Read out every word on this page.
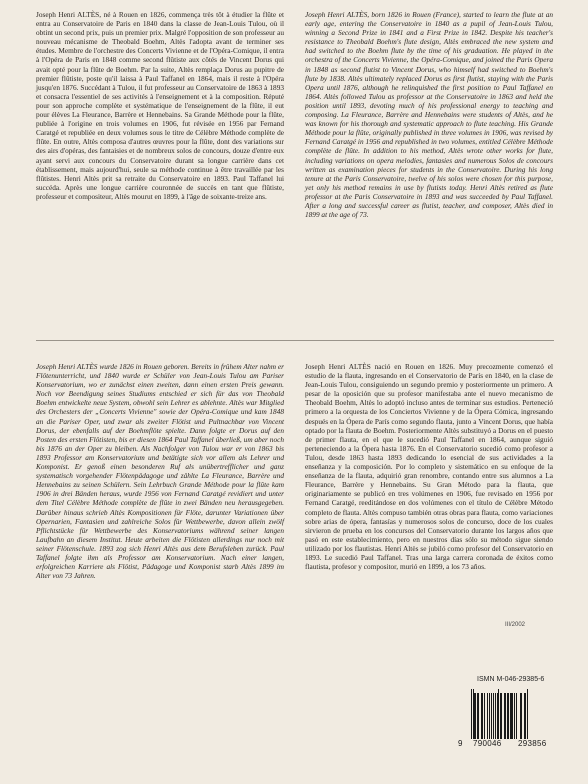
Joseph Henri ALTÈS, né à Rouen en 1826, commença très tôt à étudier la flûte et entra au Conservatoire de Paris en 1840 dans la classe de Jean-Louis Tulou, où il obtint un second prix, puis un premier prix. Malgré l'opposition de son professeur au nouveau mécanisme de Theobald Boehm, Altès l'adopta avant de terminer ses études. Membre de l'orchestre des Concerts Vivienne et de l'Opéra-Comique, il entra à l'Opéra de Paris en 1848 comme second flûtiste aux côtés de Vincent Dorus qui avait opté pour la flûte de Boehm. Par la suite, Altès remplaça Dorus au pupitre de premier flûtiste, poste qu'il laissa à Paul Taffanel en 1864, mais il reste à l'Opéra jusqu'en 1876. Succédant à Tulou, il fut professeur au Conservatoire de 1863 à 1893 et consacra l'essentiel de ses activités à l'enseignement et à la composition. Réputé pour son approche complète et systématique de l'enseignement de la flûte, il eut pour élèves La Fleurance, Barrère et Hennebains. Sa Grande Méthode pour la flûte, publiée à l'origine en trois volumes en 1906, fut révisée en 1956 par Fernand Caratgé et republiée en deux volumes sous le titre de Célèbre Méthode complète de flûte. En outre, Altès composa d'autres œuvres pour la flûte, dont des variations sur des airs d'opéras, des fantaisies et de nombreux solos de concours, douze d'entre eux ayant servi aux concours du Conservatoire durant sa longue carrière dans cet établissement, mais aujourd'hui, seule sa méthode continue à être travaillée par les flûtistes. Henri Altès prit sa retraite du Conservatoire en 1893. Paul Taffanel lui succéda. Après une longue carrière couronnée de succès en tant que flûtiste, professeur et compositeur, Altès mourut en 1899, à l'âge de soixante-treize ans.

Joseph Henri ALTÈS, born 1826 in Rouen (France), started to learn the flute at an early age, entering the Conservatoire in 1840 as a pupil of Jean-Louis Tulou, winning a Second Prize in 1841 and a First Prize in 1842. Despite his teacher's resistance to Theobald Boehm's flute design, Altès embraced the new system and had switched to the Boehm flute by the time of his graduation. He played in the orchestra of the Concerts Vivienne, the Opéra-Comique, and joined the Paris Opera in 1848 as second flutist to Vincent Dorus, who himself had switched to Boehm's flute by 1838. Altès ultimately replaced Dorus as first flutist, staying with the Paris Opera until 1876, although he relinquished the first position to Paul Taffanel en 1864. Altès followed Tulou as professor at the Conservatoire in 1863 and held the position until 1893, devoting much of his professional energy to teaching and composing. La Fleurance, Barrère and Hennebains were students of Altès, and he was known for his thorough and systematic approach to flute teaching. His Grande Méthode pour la flûte, originally published in three volumes in 1906, was revised by Fernand Caratgé in 1956 and republished in two volumes, entitled Célèbre Méthode complète de flûte. In addition to his method, Altès wrote other works for flute, including variations on opera melodies, fantasies and numerous Solos de concours written as examination pieces for students in the Conservatoire. During his long tenure at the Paris Conservatoire, twelve of his solos were chosen for this purpose, yet only his method remains in use by flutists today. Henri Altès retired as flute professor at the Paris Conservatoire in 1893 and was succeeded by Paul Taffanel. After a long and successful career as flutist, teacher, and composer, Altès died in 1899 at the age of 73.

Joseph Henri ALTÈS wurde 1826 in Rouen geboren. Bereits in frühem Alter nahm er Flötenunterricht, und 1840 wurde er Schüler von Jean-Louis Tulou am Pariser Konservatorium, wo er zunächst einen zweiten, dann einen ersten Preis gewann. Noch vor Beendigung seines Studiums entschied er sich für das von Theobald Boehm entwickelte neue System, obwohl sein Lehrer es ablehnte. Altès war Mitglied des Orchesters der „Concerts Vivienne" sowie der Opéra-Comique und kam 1848 an die Pariser Oper, und zwar als zweiter Flötist und Pultnachbar von Vincent Dorus, der ebenfalls auf der Boehmflöte spielte. Dann folgte er Dorus auf den Posten des ersten Flötisten, bis er diesen 1864 Paul Taffanel überließ, um aber noch bis 1876 an der Oper zu bleiben. Als Nachfolger von Tulou war er von 1863 bis 1893 Professor am Konservatorium und betätigte sich vor allem als Lehrer und Komponist. Er genoß einen besonderen Ruf als unübertrefflicher und ganz systematisch vorgehender Flötenpädagoge und zählte La Fleurance, Barrère und Hennebains zu seinen Schülern. Sein Lehrbuch Grande Méthode pour la flûte kam 1906 in drei Bänden heraus, wurde 1956 von Fernand Caratgé revidiert und unter dem Titel Célèbre Méthode complète de flûte in zwei Bänden neu herausgegeben. Darüber hinaus schrieb Altès Kompositionen für Flöte, darunter Variationen über Opernarien, Fantasien und zahlreiche Solos für Wettbewerbe, davon allein zwölf Pflichtstücke für Wettbewerbe des Konservatoriums während seiner langen Laufbahn an diesem Institut. Heute arbeiten die Flötisten allerdings nur noch mit seiner Flötenschule. 1893 zog sich Henri Altès aus dem Berufsleben zurück. Paul Taffanel folgte ihm als Professor am Konservatorium. Nach einer langen, erfolgreichen Karriere als Flötist, Pädagoge und Komponist starb Altès 1899 im Alter von 73 Jahren.

Joseph Henri ALTÈS nació en Rouen en 1826. Muy precozmente comenzó el estudio de la flauta, ingresando en el Conservatorio de París en 1840, en la clase de Jean-Louis Tulou, consiguiendo un segundo premio y posteriormente un primero. A pesar de la oposición que su profesor manifestaba ante el nuevo mecanismo de Theobald Boehm, Altès lo adoptó incluso antes de terminar sus estudios. Perteneció primero a la orquesta de los Conciertos Vivienne y de la Ópera Cómica, ingresando después en la Ópera de París como segundo flauta, junto a Vincent Dorus, que había optado por la flauta de Boehm. Posteriormente Altès substituyó a Dorus en el puesto de primer flauta, en el que le sucedió Paul Taffanel en 1864, aunque siguió perteneciendo a la Ópera hasta 1876. En el Conservatorio sucedió como profesor a Tulou, desde 1863 hasta 1893 dedicando lo esencial de sus actividades a la enseñanza y la composición. Por lo completo y sistemático en su enfoque de la enseñanza de la flauta, adquirió gran renombre, contando entre sus alumnos a La Fleurance, Barrère y Hennebains. Su Gran Método para la flauta, que originariamente se publicó en tres volúmenes en 1906, fue revisado en 1956 por Fernand Caratgé, reeditándose en dos volúmenes con el título de Célèbre Método completo de flauta. Altès compuso también otras obras para flauta, como variaciones sobre arias de ópera, fantasías y numerosos solos de concurso, doce de los cuales sirvieron de prueba en los concursos del Conservatorio durante los largos años que pasó en este establecimiento, pero en nuestros días sólo su método sigue siendo utilizado por los flautistas. Henri Altès se jubiló como profesor del Conservatorio en 1893. Le sucedió Paul Taffanel. Tras una larga carrera coronada de éxitos como flautista, profesor y compositor, murió en 1899, a los 73 años.

III/2002
ISMN M-046-29385-6
9 790046 293856
